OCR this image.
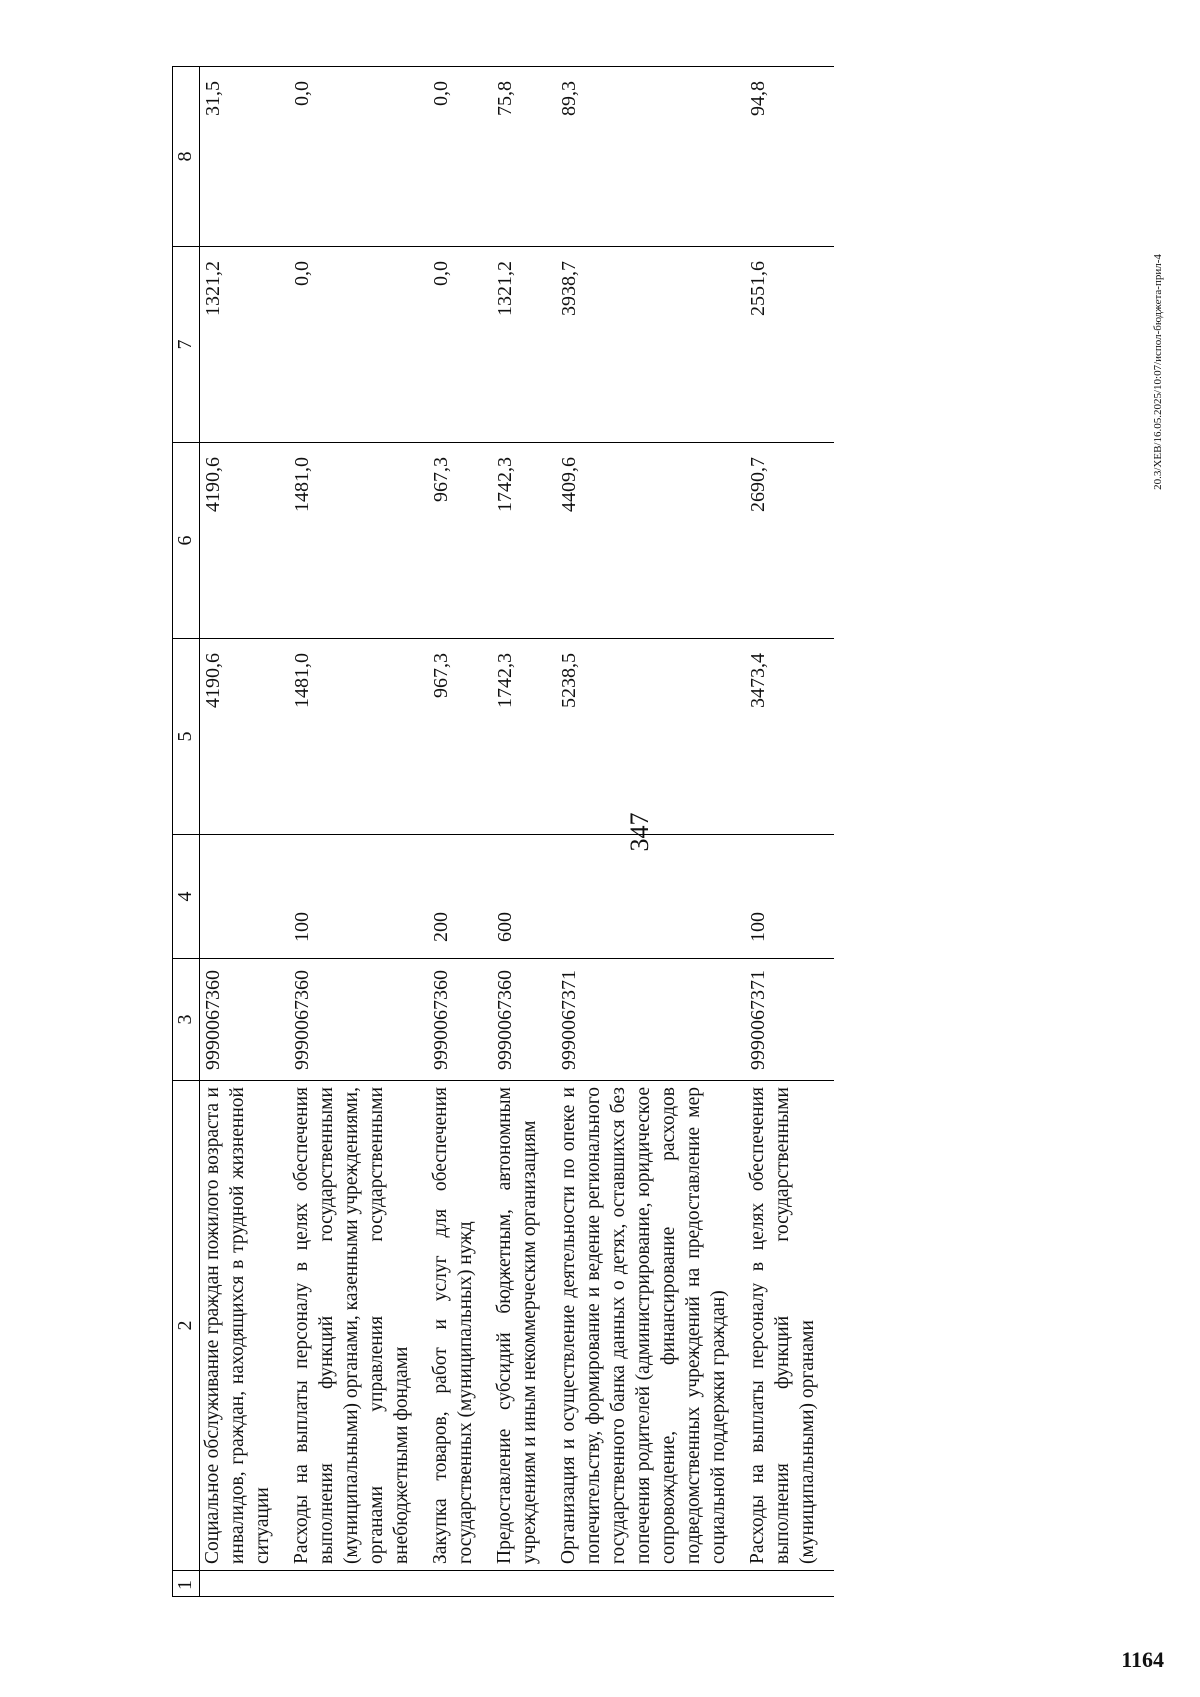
347
20.3/XEB/16.05.2025/10:07/испол-бюджета-прил-4
1164
1	2	3	4	5	6	7	8
	Социальное обслуживание граждан пожилого возраста и инвалидов, граждан, находящихся в трудной жизненной ситуации	9990067360		4190,6	4190,6	1321,2	31,5
	Расходы на выплаты персоналу в целях обеспечения выполнения функций государственными (муниципальными) органами, казенными учреждениями, органами управления государственными внебюджетными фондами	9990067360	100	1481,0	1481,0	0,0	0,0
	Закупка товаров, работ и услуг для обеспечения государственных (муниципальных) нужд	9990067360	200	967,3	967,3	0,0	0,0
	Предоставление субсидий бюджетным, автономным учреждениям и иным некоммерческим организациям	9990067360	600	1742,3	1742,3	1321,2	75,8
	Организация и осуществление деятельности по опеке и попечительству, формирование и ведение регионального государственного банка данных о детях, оставшихся без попечения родителей (администрирование, юридическое сопровождение, финансирование расходов подведомственных учреждений на предоставление мер социальной поддержки граждан)	9990067371		5238,5	4409,6	3938,7	89,3
	Расходы на выплаты персоналу в целях обеспечения выполнения функций государственными (муниципальными) органами	9990067371	100	3473,4	2690,7	2551,6	94,8
